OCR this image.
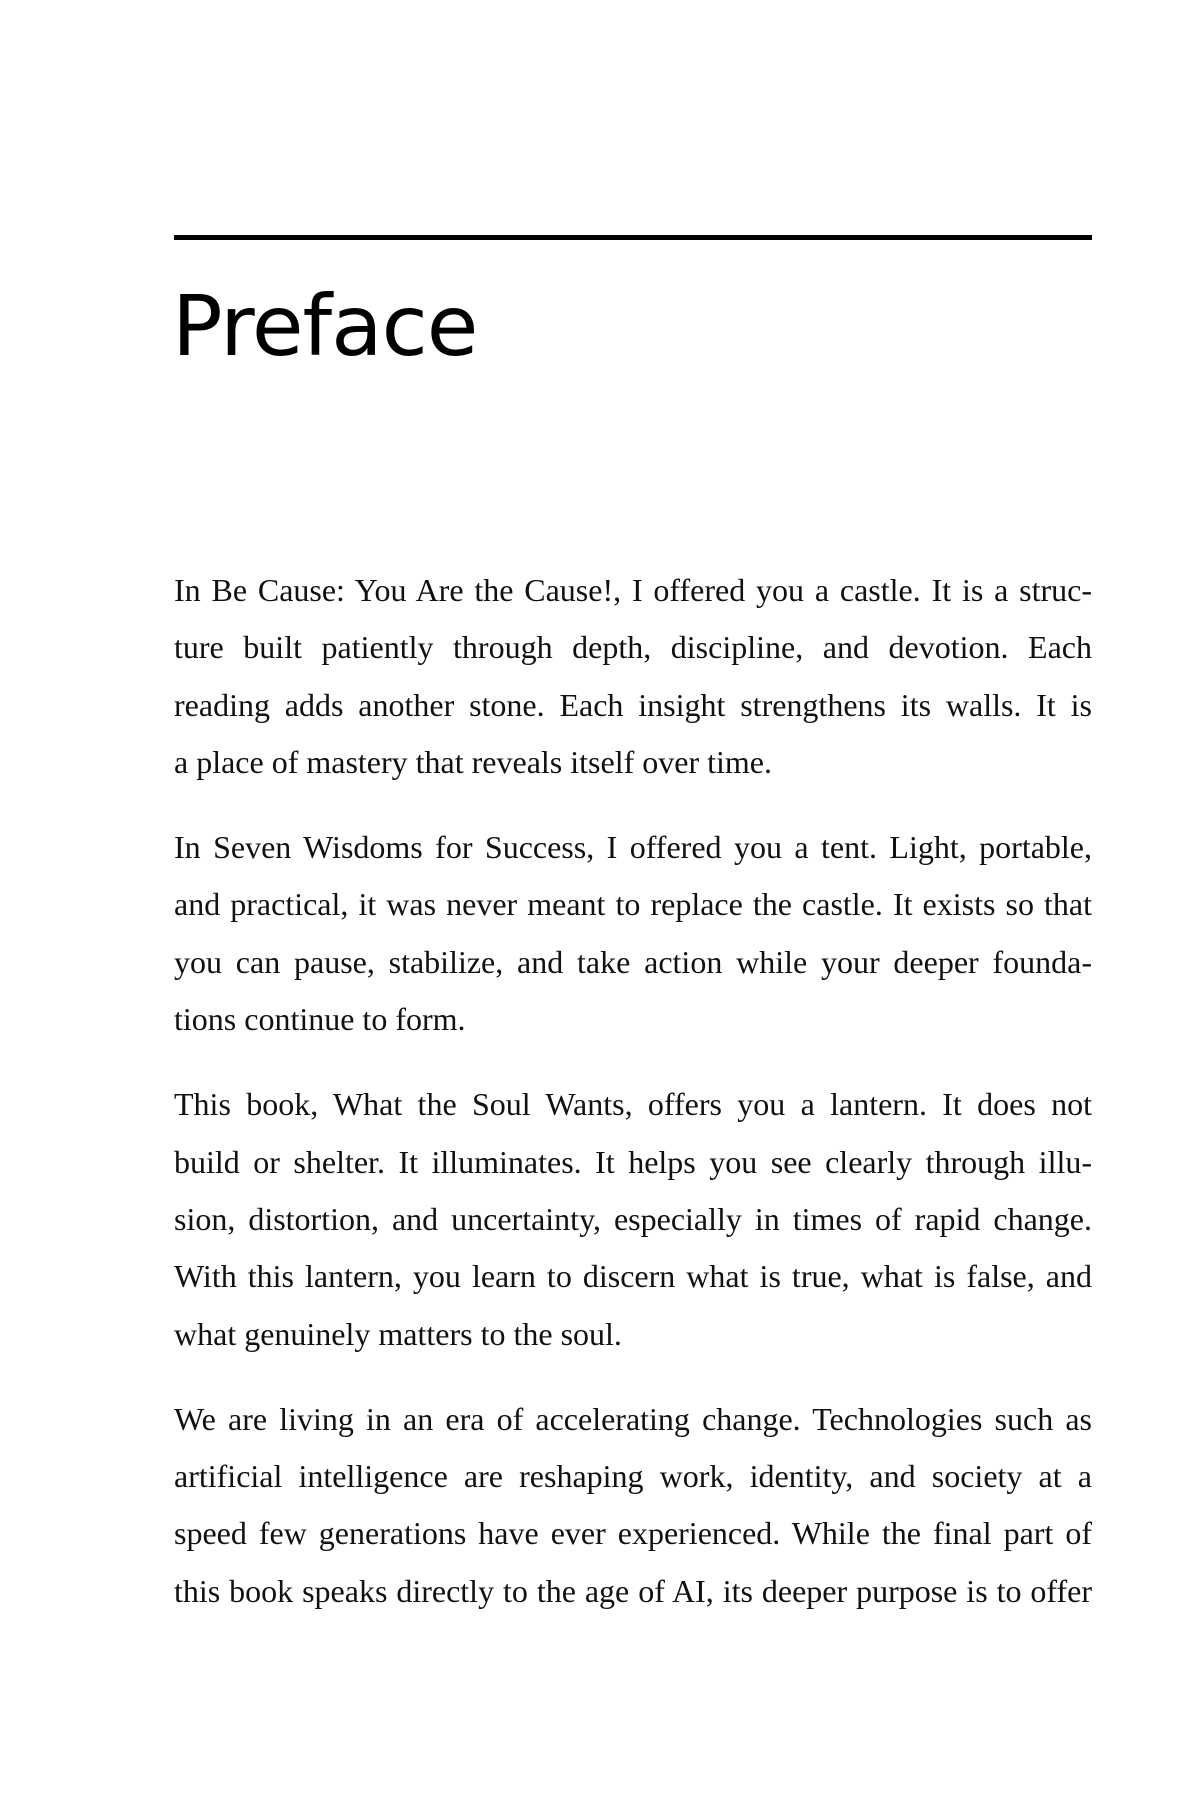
Preface

In Be Cause: You Are the Cause!, I offered you a castle. It is a struc-
ture built patiently through depth, discipline, and devotion. Each
reading adds another stone. Each insight strengthens its walls. It is
a place of mastery that reveals itself over time.

In Seven Wisdoms for Success, I offered you a tent. Light, portable,
and practical, it was never meant to replace the castle. It exists so that
you can pause, stabilize, and take action while your deeper founda-
tions continue to form.

This book, What the Soul Wants, offers you a lantern. It does not
build or shelter. It illuminates. It helps you see clearly through illu-
sion, distortion, and uncertainty, especially in times of rapid change.
With this lantern, you learn to discern what is true, what is false, and
what genuinely matters to the soul.

We are living in an era of accelerating change. Technologies such as
artificial intelligence are reshaping work, identity, and society at a
speed few generations have ever experienced. While the final part of
this book speaks directly to the age of AI, its deeper purpose is to offer
